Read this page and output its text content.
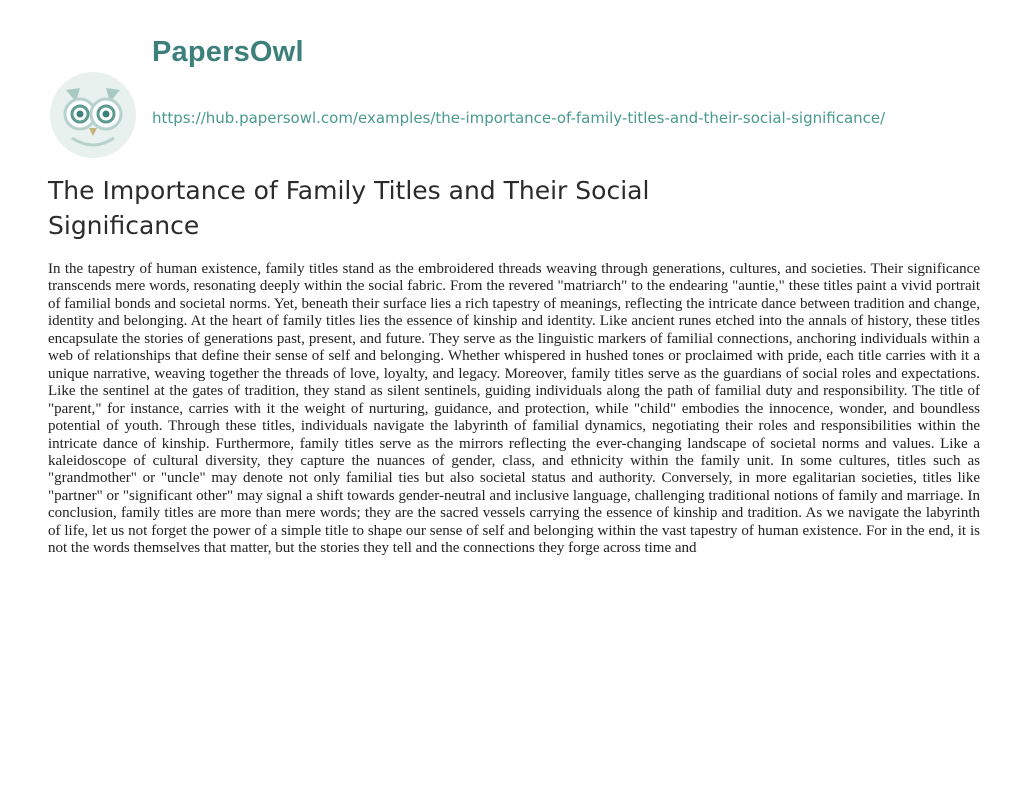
PapersOwl
https://hub.papersowl.com/examples/the-importance-of-family-titles-and-their-social-significance/
The Importance of Family Titles and Their Social Significance

In the tapestry of human existence, family titles stand as the embroidered threads weaving through generations, cultures, and societies. Their significance transcends mere words, resonating deeply within the social fabric. From the revered "matriarch" to the endearing "auntie," these titles paint a vivid portrait of familial bonds and societal norms. Yet, beneath their surface lies a rich tapestry of meanings, reflecting the intricate dance between tradition and change, identity and belonging. At the heart of family titles lies the essence of kinship and identity. Like ancient runes etched into the annals of history, these titles encapsulate the stories of generations past, present, and future. They serve as the linguistic markers of familial connections, anchoring individuals within a web of relationships that define their sense of self and belonging. Whether whispered in hushed tones or proclaimed with pride, each title carries with it a unique narrative, weaving together the threads of love, loyalty, and legacy. Moreover, family titles serve as the guardians of social roles and expectations. Like the sentinel at the gates of tradition, they stand as silent sentinels, guiding individuals along the path of familial duty and responsibility. The title of "parent," for instance, carries with it the weight of nurturing, guidance, and protection, while "child" embodies the innocence, wonder, and boundless potential of youth. Through these titles, individuals navigate the labyrinth of familial dynamics, negotiating their roles and responsibilities within the intricate dance of kinship. Furthermore, family titles serve as the mirrors reflecting the ever-changing landscape of societal norms and values. Like a kaleidoscope of cultural diversity, they capture the nuances of gender, class, and ethnicity within the family unit. In some cultures, titles such as "grandmother" or "uncle" may denote not only familial ties but also societal status and authority. Conversely, in more egalitarian societies, titles like "partner" or "significant other" may signal a shift towards gender-neutral and inclusive language, challenging traditional notions of family and marriage. In conclusion, family titles are more than mere words; they are the sacred vessels carrying the essence of kinship and tradition. As we navigate the labyrinth of life, let us not forget the power of a simple title to shape our sense of self and belonging within the vast tapestry of human existence. For in the end, it is not the words themselves that matter, but the stories they tell and the connections they forge across time and
